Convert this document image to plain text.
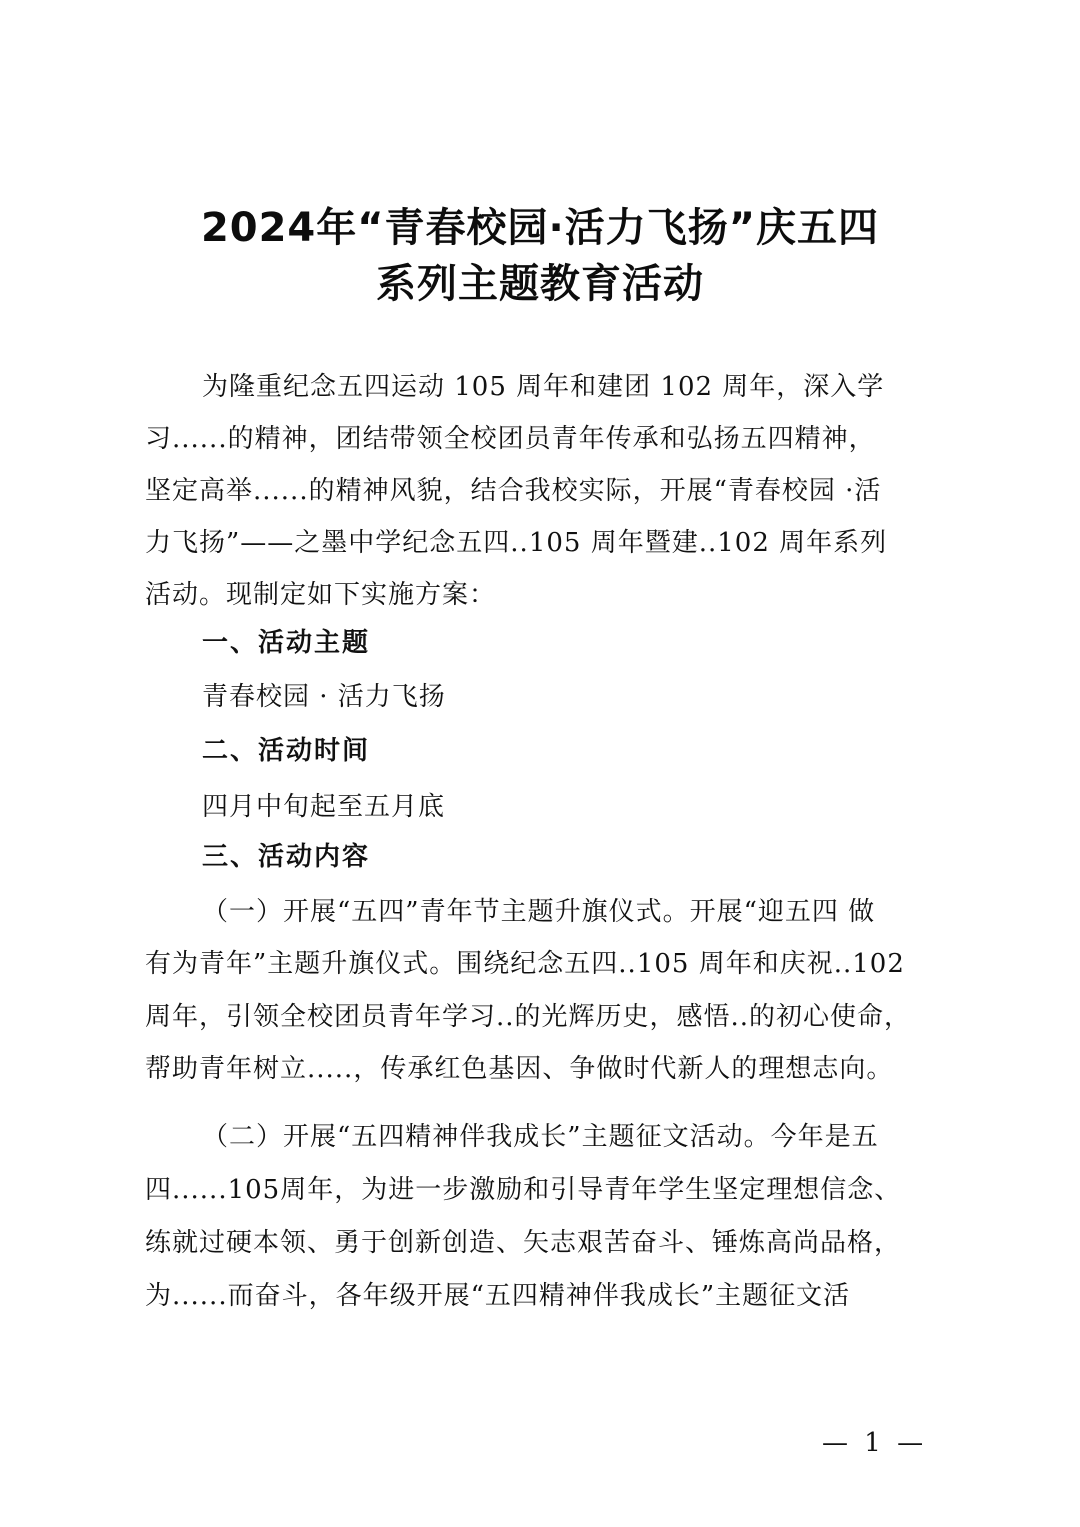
2024年“青春校园·活力飞扬”庆五四
系列主题教育活动

为隆重纪念五四运动 105 周年和建团 102 周年，深入学

习......的精神，团结带领全校团员青年传承和弘扬五四精神，

坚定高举......的精神风貌，结合我校实际，开展“青春校园 ·活

力飞扬”——之墨中学纪念五四..105 周年暨建..102 周年系列

活动。现制定如下实施方案：

一、活动主题

青春校园 · 活力飞扬

二、活动时间

四月中旬起至五月底

三、活动内容

（一）开展“五四”青年节主题升旗仪式。开展“迎五四 做

有为青年”主题升旗仪式。围绕纪念五四..105 周年和庆祝..102

周年，引领全校团员青年学习..的光辉历史，感悟..的初心使命，

帮助青年树立.....，传承红色基因、争做时代新人的理想志向。

（二）开展“五四精神伴我成长”主题征文活动。今年是五

四......105周年，为进一步激励和引导青年学生坚定理想信念、

练就过硬本领、勇于创新创造、矢志艰苦奋斗、锤炼高尚品格，

为......而奋斗，各年级开展“五四精神伴我成长”主题征文活

— 1 —
